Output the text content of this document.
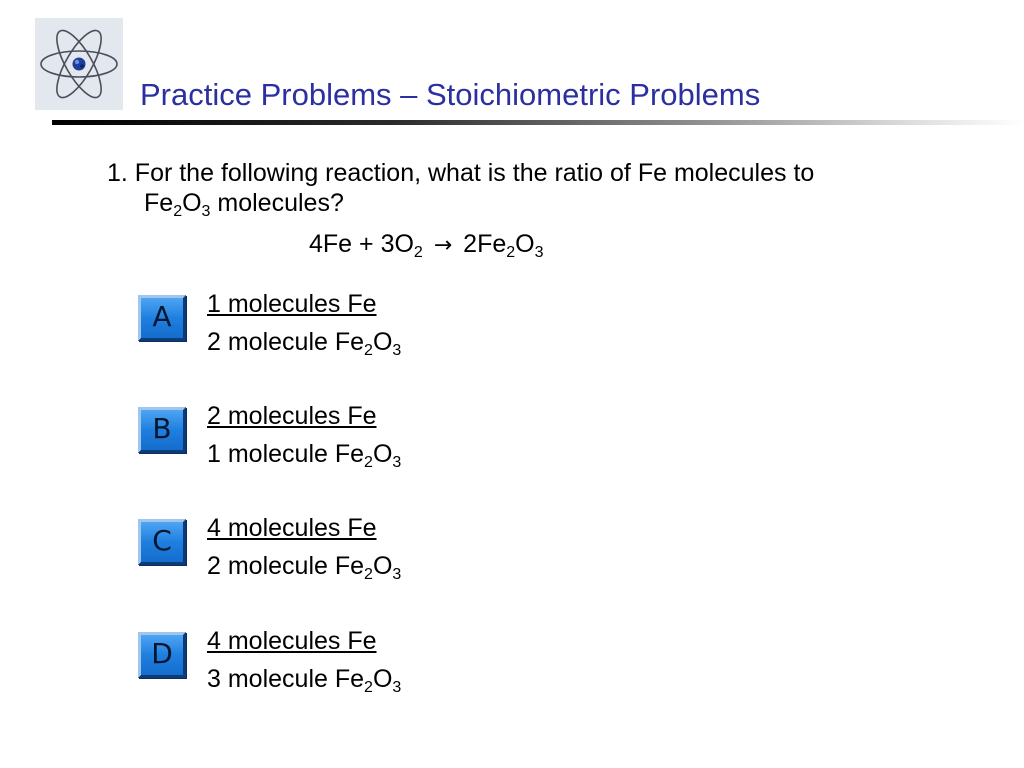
Practice Problems – Stoichiometric Problems
1. For the following reaction, what is the ratio of Fe molecules to
$Fe_2O_3$ molecules?
$4Fe + 3O_2 \to 2Fe_2O_3$
A	1 molecules Fe
2 molecule $Fe_2O_3$
B	2 molecules Fe
1 molecule $Fe_2O_3$
C	4 molecules Fe
2 molecule $Fe_2O_3$
D	4 molecules Fe
3 molecule $Fe_2O_3$
